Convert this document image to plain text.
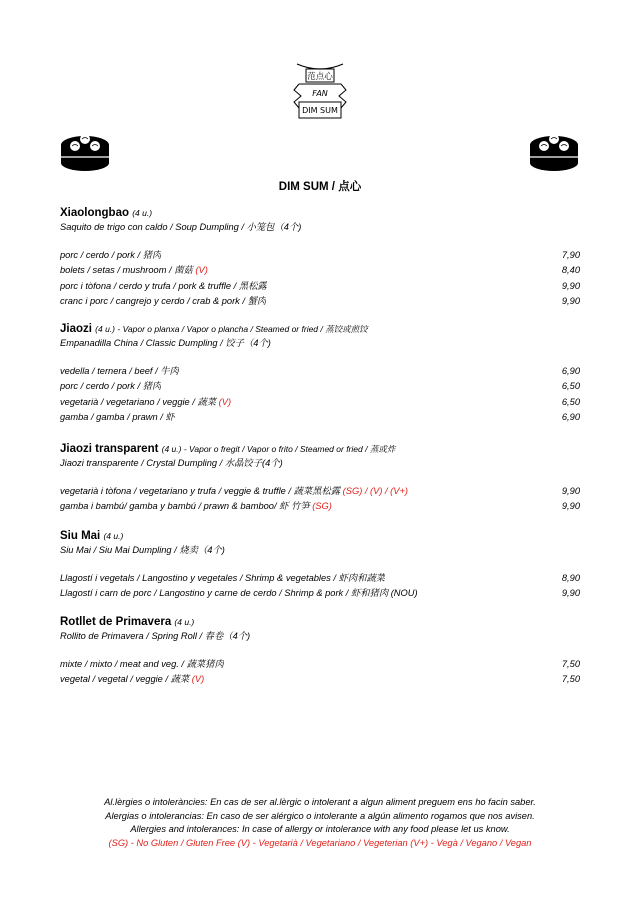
范点心
FAN
DIM SUM
DIM SUM / 点心
Xiaolongbao (4 u.)
Saquito de trigo con caldo / Soup Dumpling / 小笼包（4个)
porc / cerdo / pork / 猪肉	7,90
bolets / setas / mushroom / 菌菇 (V)	8,40
porc i tòfona / cerdo y trufa / pork & truffle / 黑松露	9,90
cranc i porc / cangrejo y cerdo / crab & pork / 蟹肉	9,90
Jiaozi (4 u.) - Vapor o planxa / Vapor o plancha / Steamed or fried / 蒸饺或煎饺
Empanadilla China / Classic Dumpling / 饺子（4个)
vedella / ternera / beef / 牛肉	6,90
porc / cerdo / pork / 猪肉	6,50
vegetarià / vegetariano / veggie / 蔬菜 (V)	6,50
gamba / gamba / prawn / 虾	6,90
Jiaozi transparent (4 u.) - Vapor o fregit / Vapor o frito / Steamed or fried / 蒸或炸
Jiaozi transparente / Crystal Dumpling / 水晶饺子(4个)
vegetarià i tòfona / vegetariano y trufa / veggie & truffle / 蔬菜黑松露 (SG) / (V) / (V+)	9,90
gamba i bambú/ gamba y bambú / prawn & bamboo/ 虾 竹笋 (SG)	9,90
Siu Mai (4 u.)
Siu Mai / Siu Mai Dumpling / 烧卖（4个)
Llagostí i vegetals / Langostino y vegetales / Shrimp & vegetables / 虾肉和蔬菜	8,90
Llagostí i carn de porc / Langostino y carne de cerdo / Shrimp & pork / 虾和猪肉 (NOU)	9,90
Rotllet de Primavera (4 u.)
Rollito de Primavera / Spring Roll / 春卷（4个)
mixte / mixto / meat and veg. / 蔬菜猪肉	7,50
vegetal / vegetal / veggie / 蔬菜 (V)	7,50
Al.lèrgies o intoleràncies: En cas de ser al.lèrgic o intolerant a algun aliment preguem ens ho facin saber.
Alergias o intolerancias: En caso de ser alérgico o intolerante a algún alimento rogamos que nos avisen.
Allergies and intolerances: In case of allergy or intolerance with any food please let us know.
(SG) - No Gluten / Gluten Free (V) - Vegetarià / Vegetariano / Vegeterian (V+) - Vegà / Vegano / Vegan
